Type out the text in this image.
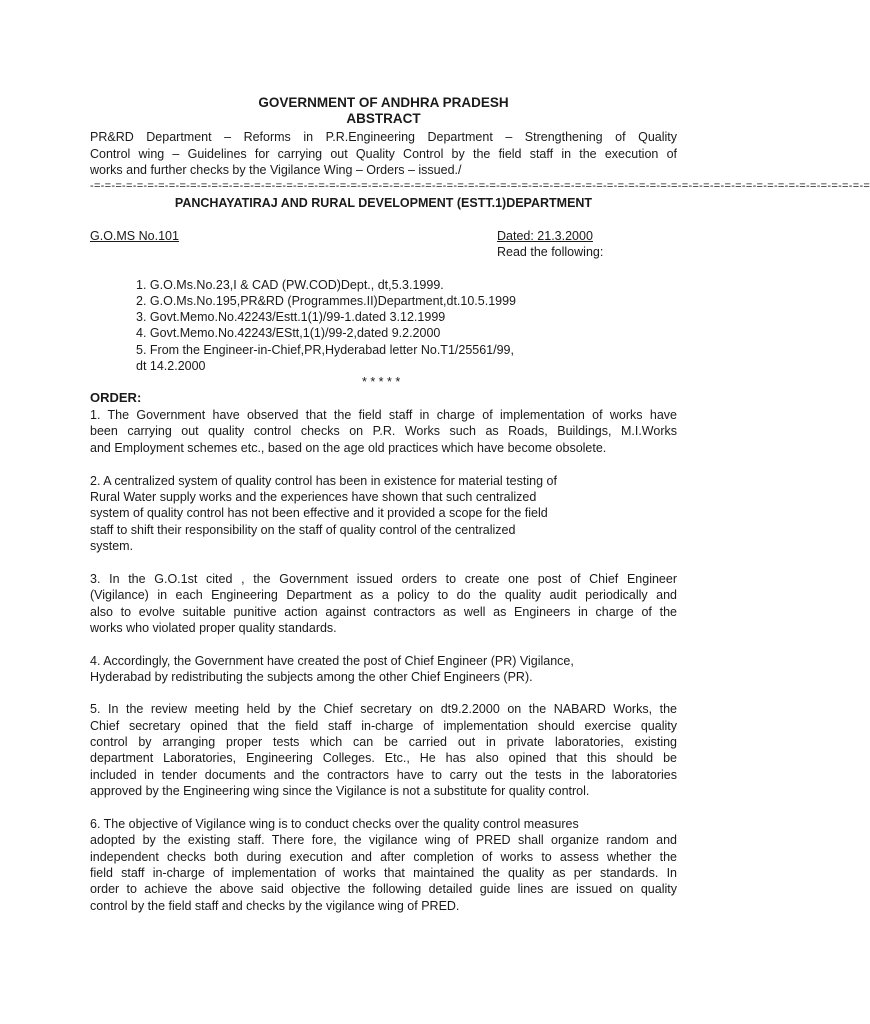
GOVERNMENT OF ANDHRA PRADESH
ABSTRACT
PR&RD Department – Reforms in P.R.Engineering Department – Strengthening of Quality
Control wing – Guidelines for carrying out Quality Control by the field staff in the execution of
works and further checks by the Vigilance Wing – Orders – issued./
-=-=-=-=-=-=-=-=-=-=-=-=-=-=-=-=-=-=-=-=-=-=-=-=-=-=-=-=-=-=-=-=-=-=-=-=-=-=-=-=-=-=-=-=-=-=-=-=-=-=-=-=-=-=-=-=-=-=-=-=-=-=-=-=-=-=-=-=-=-=-=-=-=
PANCHAYATIRAJ AND RURAL DEVELOPMENT (ESTT.1)DEPARTMENT
G.O.MS No.101	Dated: 21.3.2000
Read the following:
1. G.O.Ms.No.23,I & CAD (PW.COD)Dept., dt,5.3.1999.
2. G.O.Ms.No.195,PR&RD (Programmes.II)Department,dt.10.5.1999
3. Govt.Memo.No.42243/Estt.1(1)/99-1.dated 3.12.1999
4. Govt.Memo.No.42243/EStt,1(1)/99-2,dated 9.2.2000
5. From the Engineer-in-Chief,PR,Hyderabad letter No.T1/25561/99,
dt 14.2.2000
* * * * *
ORDER:
1. The Government have observed that the field staff in charge of implementation of works have
been carrying out quality control checks on P.R. Works such as Roads, Buildings, M.I.Works
and Employment schemes etc., based on the age old practices which have become obsolete.
2. A centralized system of quality control has been in existence for material testing of
Rural Water supply works and the experiences have shown that such centralized
system of quality control has not been effective and it provided a scope for the field
staff to shift their responsibility on the staff of quality control of the centralized
system.
3. In the G.O.1st cited , the Government issued orders to create one post of Chief Engineer
(Vigilance) in each Engineering Department as a policy to do the quality audit periodically and
also to evolve suitable punitive action against contractors as well as Engineers in charge of the
works who violated proper quality standards.
4. Accordingly, the Government have created the post of Chief Engineer (PR) Vigilance,
Hyderabad by redistributing the subjects among the other Chief Engineers (PR).
5. In the review meeting held by the Chief secretary on dt9.2.2000 on the NABARD Works, the
Chief secretary opined that the field staff in-charge of implementation should exercise quality
control by arranging proper tests which can be carried out in private laboratories, existing
department Laboratories, Engineering Colleges. Etc., He has also opined that this should be
included in tender documents and the contractors have to carry out the tests in the laboratories
approved by the Engineering wing since the Vigilance is not a substitute for quality control.
6. The objective of Vigilance wing is to conduct checks over the quality control measures
adopted by the existing staff. There fore, the vigilance wing of PRED shall organize random and
independent checks both during execution and after completion of works to assess whether the
field staff in-charge of implementation of works that maintained the quality as per standards. In
order to achieve the above said objective the following detailed guide lines are issued on quality
control by the field staff and checks by the vigilance wing of PRED.
